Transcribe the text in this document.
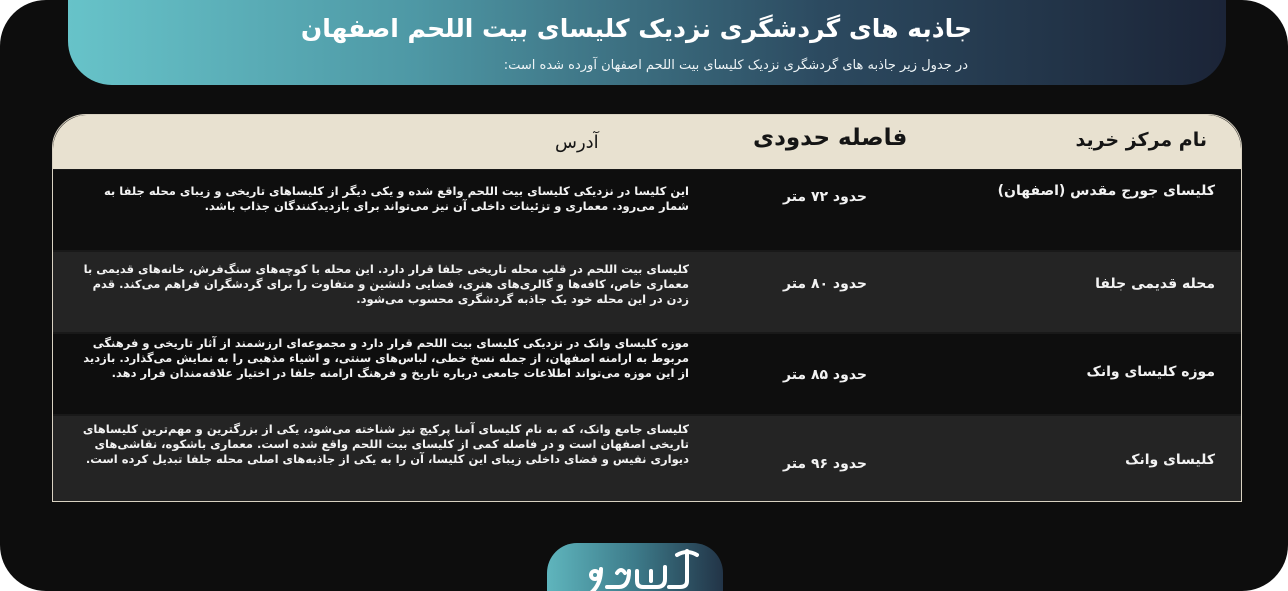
جاذبه های گردشگری نزدیک کلیسای بیت اللحم اصفهان
در جدول زیر جاذبه های گردشگری نزدیک کلیسای بیت اللحم اصفهان آورده شده است:
نام مرکز خرید
فاصله حدودی
آدرس
کلیسای جورج مقدس (اصفهان)
حدود ۷۲ متر
این کلیسا در نزدیکی کلیسای بیت اللحم واقع شده و یکی دیگر از کلیساهای تاریخی و زیبای محله جلفا به شمار می‌رود. معماری و تزئینات داخلی آن نیز می‌تواند برای بازدیدکنندگان جذاب باشد.
محله قدیمی جلفا
حدود ۸۰ متر
کلیسای بیت اللحم در قلب محله تاریخی جلفا قرار دارد. این محله با کوچه‌های سنگ‌فرش، خانه‌های قدیمی با معماری خاص، کافه‌ها و گالری‌های هنری، فضایی دلنشین و متفاوت را برای گردشگران فراهم می‌کند. قدم زدن در این محله خود یک جاذبه گردشگری محسوب می‌شود.
موزه کلیسای وانک
حدود ۸۵ متر
موزه کلیسای وانک در نزدیکی کلیسای بیت اللحم قرار دارد و مجموعه‌ای ارزشمند از آثار تاریخی و فرهنگی مربوط به ارامنه اصفهان، از جمله نسخ خطی، لباس‌های سنتی، و اشیاء مذهبی را به نمایش می‌گذارد. بازدید از این موزه می‌تواند اطلاعات جامعی درباره تاریخ و فرهنگ ارامنه جلفا در اختیار علاقه‌مندان قرار دهد.
کلیسای وانک
حدود ۹۶ متر
کلیسای جامع وانک، که به نام کلیسای آمنا پرکیچ نیز شناخته می‌شود، یکی از بزرگترین و مهم‌ترین کلیساهای تاریخی اصفهان است و در فاصله کمی از کلیسای بیت اللحم واقع شده است. معماری باشکوه، نقاشی‌های دیواری نفیس و فضای داخلی زیبای این کلیسا، آن را به یکی از جاذبه‌های اصلی محله جلفا تبدیل کرده است.
